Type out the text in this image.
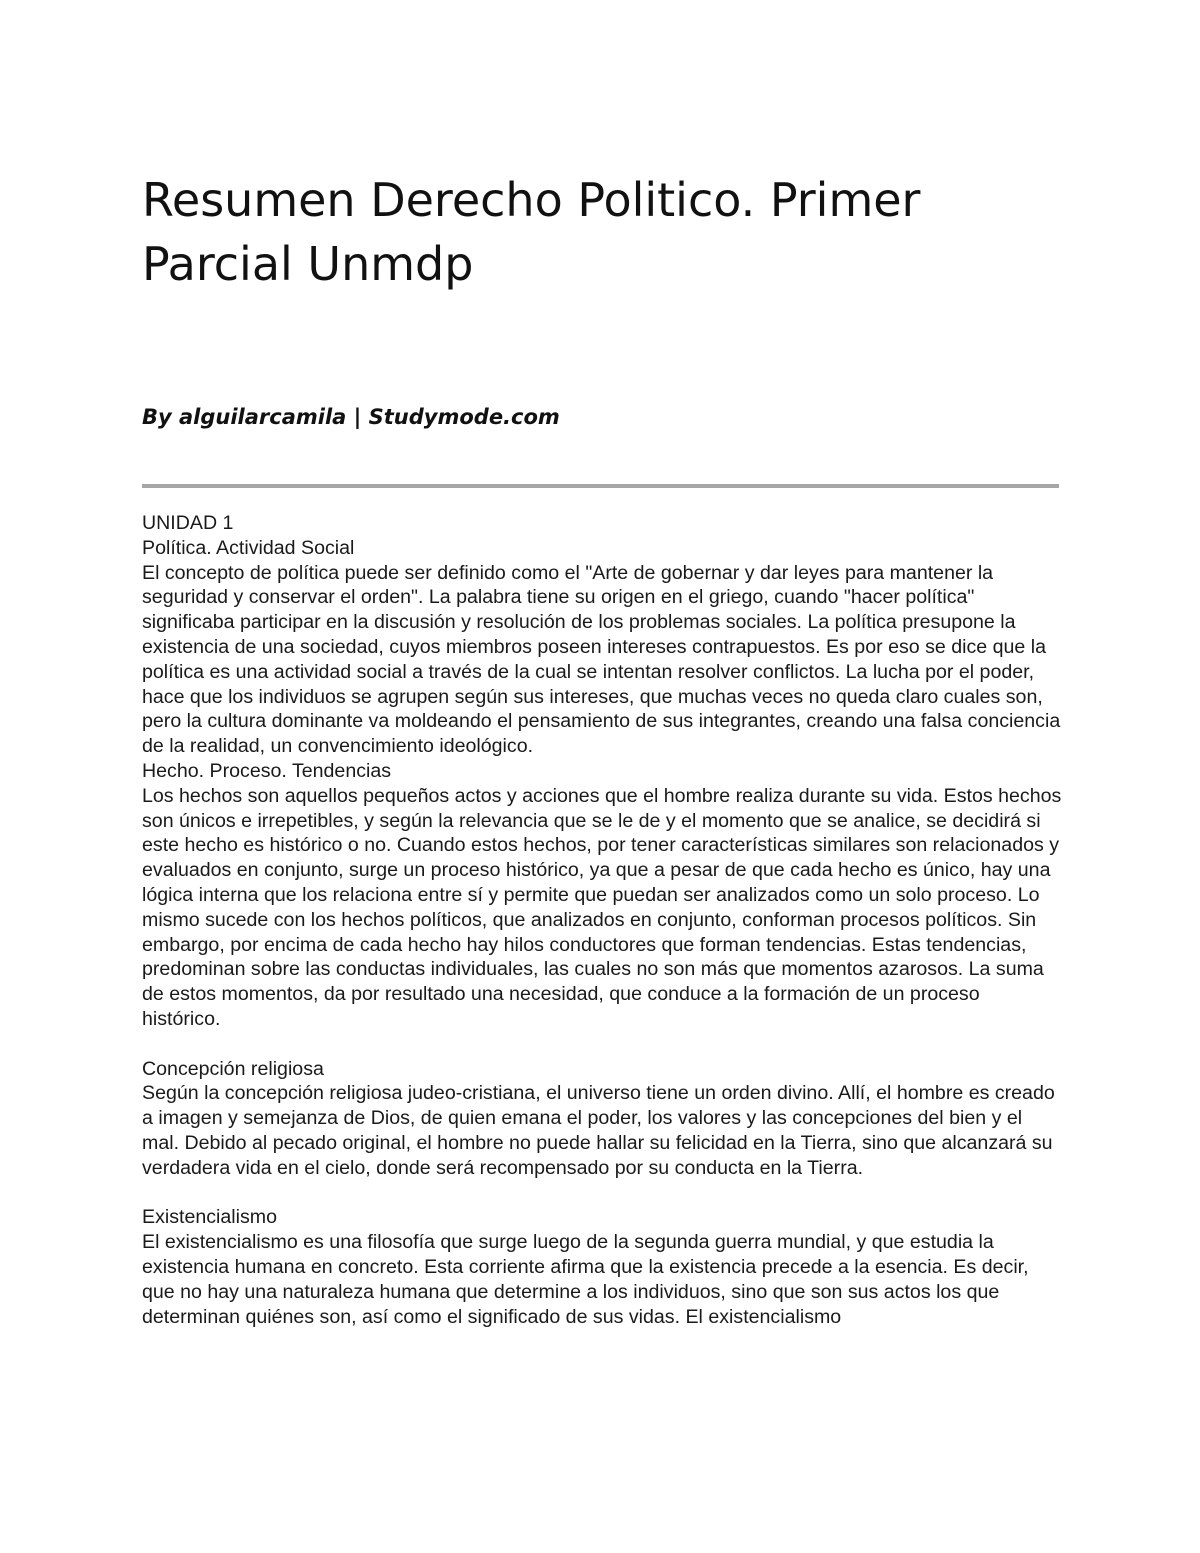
Resumen Derecho Politico. Primer
Parcial Unmdp
By alguilarcamila | Studymode.com

UNIDAD 1

Política. Actividad Social

El concepto de política puede ser definido como el "Arte de gobernar y dar leyes para mantener la seguridad y conservar el orden". La palabra tiene su origen en el griego, cuando "hacer política" significaba participar en la discusión y resolución de los problemas sociales. La política presupone la existencia de una sociedad, cuyos miembros poseen intereses contrapuestos. Es por eso se dice que la política es una actividad social a través de la cual se intentan resolver conflictos. La lucha por el poder, hace que los individuos se agrupen según sus intereses, que muchas veces no queda claro cuales son, pero la cultura dominante va moldeando el pensamiento de sus integrantes, creando una falsa conciencia de la realidad, un convencimiento ideológico.

Hecho. Proceso. Tendencias

Los hechos son aquellos pequeños actos y acciones que el hombre realiza durante su vida. Estos hechos son únicos e irrepetibles, y según la relevancia que se le de y el momento que se analice, se decidirá si este hecho es histórico o no. Cuando estos hechos, por tener características similares son relacionados y evaluados en conjunto, surge un proceso histórico, ya que a pesar de que cada hecho es único, hay una lógica interna que los relaciona entre sí y permite que puedan ser analizados como un solo proceso. Lo mismo sucede con los hechos políticos, que analizados en conjunto, conforman procesos políticos. Sin embargo, por encima de cada hecho hay hilos conductores que forman tendencias. Estas tendencias, predominan sobre las conductas individuales, las cuales no son más que momentos azarosos. La suma de estos momentos, da por resultado una necesidad, que conduce a la formación de un proceso histórico.

Concepción religiosa

Según la concepción religiosa judeo-cristiana, el universo tiene un orden divino. Allí, el hombre es creado a imagen y semejanza de Dios, de quien emana el poder, los valores y las concepciones del bien y el mal. Debido al pecado original, el hombre no puede hallar su felicidad en la Tierra, sino que alcanzará su verdadera vida en el cielo, donde será recompensado por su conducta en la Tierra.

Existencialismo

El existencialismo es una filosofía que surge luego de la segunda guerra mundial, y que estudia la existencia humana en concreto. Esta corriente afirma que la existencia precede a la esencia. Es decir, que no hay una naturaleza humana que determine a los individuos, sino que son sus actos los que determinan quiénes son, así como el significado de sus vidas. El existencialismo
